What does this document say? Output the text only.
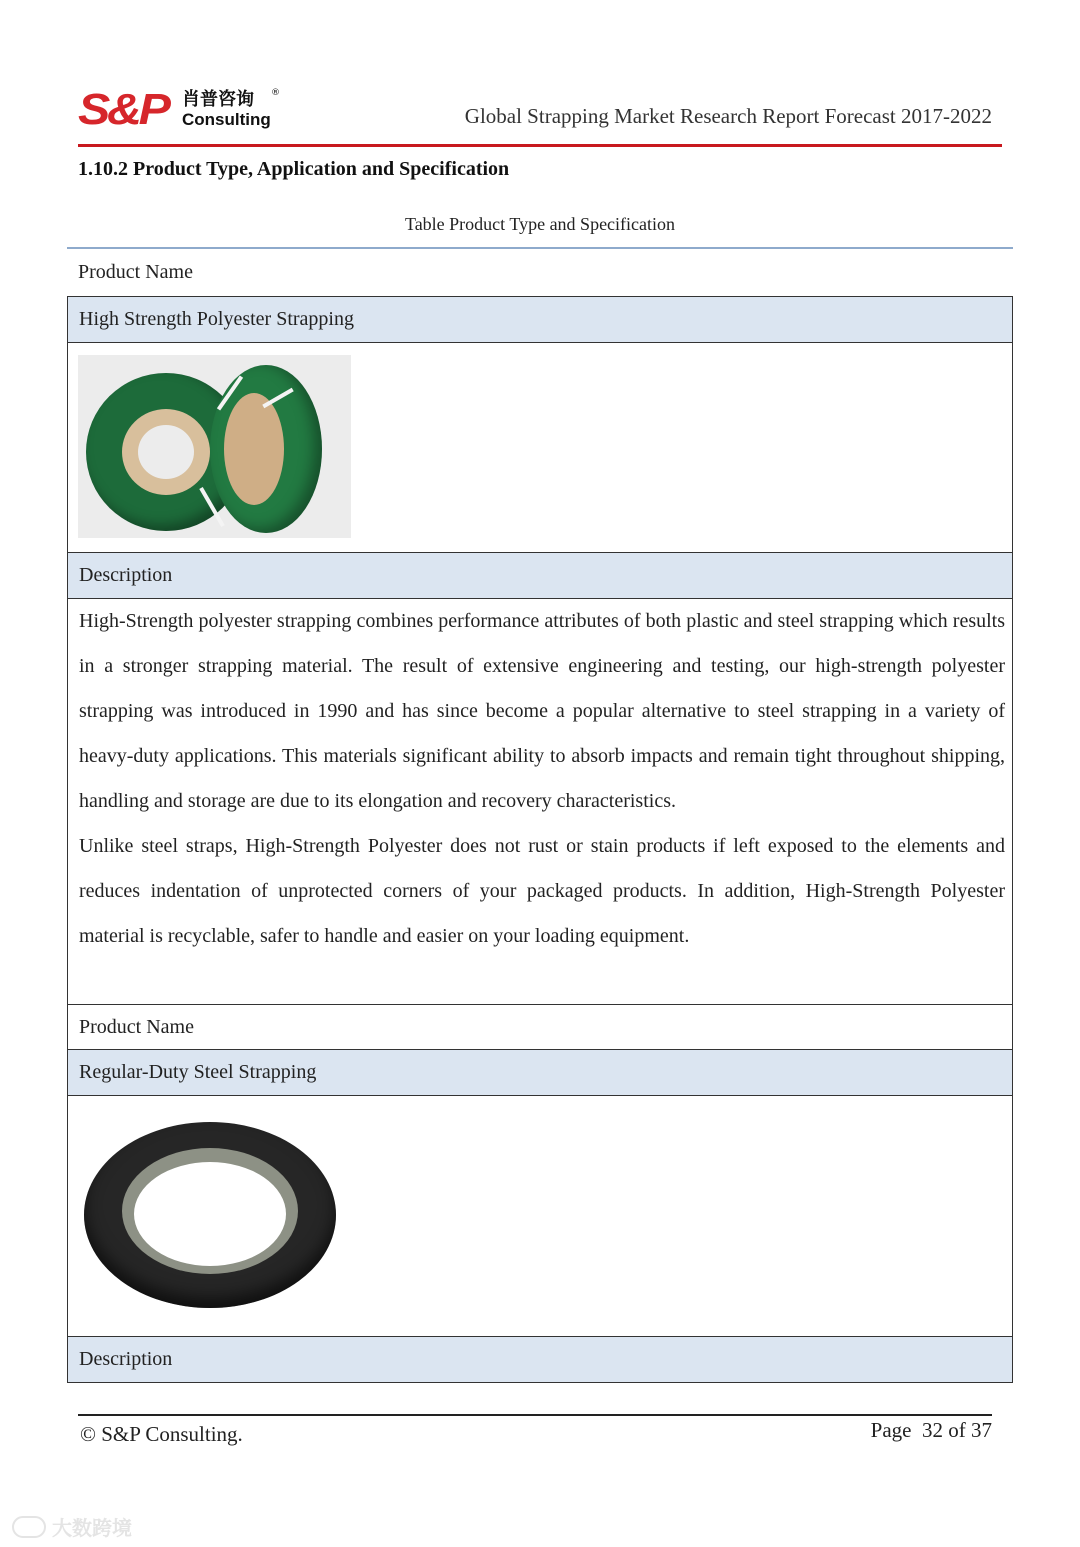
S&P 肖普咨询 ®
Consulting	Global Strapping Market Research Report Forecast 2017-2022
1.10.2 Product Type, Application and Specification
Table Product Type and Specification
Product Name
High Strength Polyester Strapping
Description

High-Strength polyester strapping combines performance attributes of both plastic and steel strapping which results in a stronger strapping material. The result of extensive engineering and testing, our high-strength polyester strapping was introduced in 1990 and has since become a popular alternative to steel strapping in a variety of heavy-duty applications. This materials significant ability to absorb impacts and remain tight throughout shipping, handling and storage are due to its elongation and recovery characteristics.

Unlike steel straps, High-Strength Polyester does not rust or stain products if left exposed to the elements and reduces indentation of unprotected corners of your packaged products. In addition, High-Strength Polyester material is recyclable, safer to handle and easier on your loading equipment.

Product Name
Regular-Duty Steel Strapping
Description
© S&P Consulting.	Page  32 of 37
大数跨境
